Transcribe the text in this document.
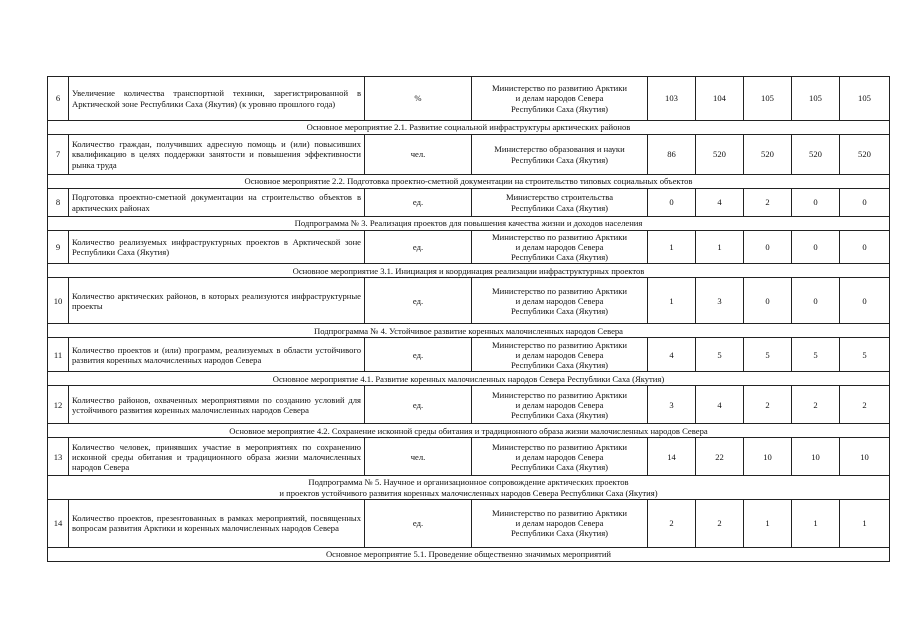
6	Увеличение количества транспортной техники, зарегистрированной в Арктической зоне Республики Саха (Якутия) (к уровню прошлого года)	%	Министерство по развитию Арктики
и делам народов Севера
Республики Саха (Якутия)	103	104	105	105	105

Основное мероприятие 2.1. Развитие социальной инфраструктуры арктических районов								

7	Количество граждан, получивших адресную помощь и (или) повысивших квалификацию в целях поддержки занятости и повышения эффективности рынка труда	чел.	Министерство образования и науки
Республики Саха (Якутия)	86	520	520	520	520

Основное мероприятие 2.2. Подготовка проектно-сметной документации на строительство типовых социальных объектов								

8	Подготовка проектно-сметной документации на строительство объектов в арктических районах	ед.	Министерство строительства
Республики Саха (Якутия)	0	4	2	0	0

Подпрограмма № 3. Реализация проектов для повышения качества жизни и доходов населения								

9	Количество реализуемых инфраструктурных проектов в Арктической зоне Республики Саха (Якутия)	ед.	Министерство по развитию Арктики
и делам народов Севера
Республики Саха (Якутия)	1	1	0	0	0

Основное мероприятие 3.1. Инициация и координация реализации инфраструктурных проектов								

10	Количество арктических районов, в которых реализуются инфраструктурные проекты	ед.	Министерство по развитию Арктики
и делам народов Севера
Республики Саха (Якутия)	1	3	0	0	0

Подпрограмма № 4. Устойчивое развитие коренных малочисленных народов Севера								

11	Количество проектов и (или) программ, реализуемых в области устойчивого развития коренных малочисленных народов Севера	ед.	Министерство по развитию Арктики
и делам народов Севера
Республики Саха (Якутия)	4	5	5	5	5

Основное мероприятие 4.1. Развитие коренных малочисленных народов Севера Республики Саха (Якутия)								

12	Количество районов, охваченных мероприятиями по созданию условий для устойчивого развития коренных малочисленных народов Севера	ед.	Министерство по развитию Арктики
и делам народов Севера
Республики Саха (Якутия)	3	4	2	2	2

Основное мероприятие 4.2. Сохранение исконной среды обитания и традиционного образа жизни малочисленных народов Севера								

13	Количество человек, принявших участие в мероприятиях по сохранению исконной среды обитания и традиционного образа жизни малочисленных народов Севера	чел.	Министерство по развитию Арктики
и делам народов Севера
Республики Саха (Якутия)	14	22	10	10	10

Подпрограмма № 5. Научное и организационное сопровождение арктических проектов
и проектов устойчивого развития коренных малочисленных народов Севера Республики Саха (Якутия)								

14	Количество проектов, презентованных в рамках мероприятий, посвященных вопросам развития Арктики и коренных малочисленных народов Севера	ед.	Министерство по развитию Арктики
и делам народов Севера
Республики Саха (Якутия)	2	2	1	1	1

Основное мероприятие 5.1. Проведение общественно значимых мероприятий								
